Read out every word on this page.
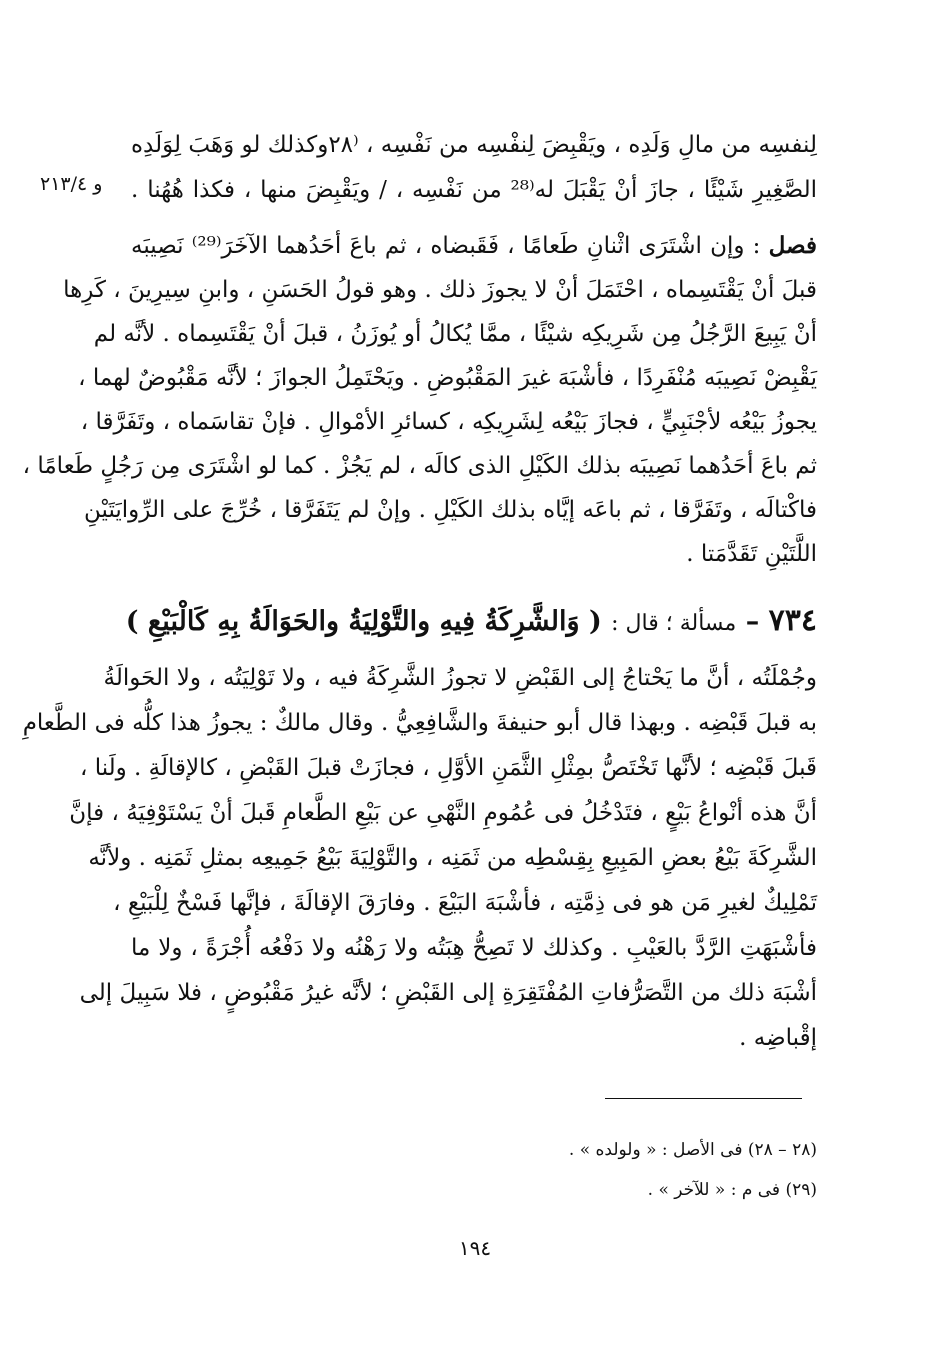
و ٢١٣/٤
لِنفسِه من مالِ وَلَدِه ، ويَقْبِضَ لِنفْسِه من نَفْسِه ، ⁽٢٨وكذلك لو وَهَبَ لِوَلَدِه
الصَّغِيرِ شَيْئًا ، جازَ أنْ يَقْبَلَ له⁽²⁸ من نَفْسِه ، / ويَقْبِضَ منها ، فكذا هُهُنا .
فصل : وإن اشْتَرَى اثْنانِ طَعامًا ، فَقَبضاه ، ثم باعَ أحَدُهما الآخَرَ⁽²⁹⁾ نَصِيبَه
قبلَ أنْ يَقْتَسِماه ، احْتَمَلَ أنْ لا يجوزَ ذلك . وهو قولُ الحَسَنِ ، وابنِ سِيرِينَ ، كَرِها
أنْ يَبِيعَ الرَّجُلُ مِن شَرِيكِه شيْئًا ، ممَّا يُكالُ أو يُوزَنُ ، قبلَ أنْ يَقْتَسِماه . لأنَّه لم
يَقْبِضْ نَصِيبَه مُنْفَرِدًا ، فأشْبَهَ غيرَ المَقْبُوضِ . ويَحْتَمِلُ الجوازَ ؛ لأنَّه مَقْبُوضٌ لهما ،
يجوزُ بَيْعُه لأجْنَبِيٍّ ، فجازَ بَيْعُه لِشَرِيكِه ، كسائرِ الأمْوالِ . فإنْ تقاسَماه ، وتَفَرَّقا ،
ثم باعَ أحَدُهما نَصِيبَه بذلك الكَيْلِ الذى كالَه ، لم يَجُزْ . كما لو اشْتَرَى مِن رَجُلٍ طَعامًا ،
فاكْتالَه ، وتَفَرَّقا ، ثم باعَه إيَّاه بذلك الكَيْلِ . وإنْ لم يَتَفَرَّقا ، خُرِّجَ على الرِّوايَتَيْنِ
اللَّتَيْنِ تَقَدَّمَتا .
٧٣٤ – مسألة ؛ قال : ( وَالشَّرِكَةُ فِيهِ والتَّوْلِيَةُ والحَوَالَةُ بِهِ كَالْبَيْعِ )
وجُمْلَتُه ، أنَّ ما يَحْتاجُ إلى القَبْضِ لا تجوزُ الشَّرِكَةُ فيه ، ولا تَوْلِيَتُه ، ولا الحَوالَةُ
به قبلَ قَبْضِه . وبهذا قال أبو حنيفةَ والشَّافِعِيُّ . وقال مالكٌ : يجوزُ هذا كلُّه فى الطَّعامِ
قَبلَ قَبْضِه ؛ لأنَّها تَخْتَصُّ بمِثْلِ الثَّمَنِ الأوَّلِ ، فجازَتْ قبلَ القَبْضِ ، كالإقالَةِ . ولَنا ،
أنَّ هذه أنْواعُ بَيْعٍ ، فتَدْخُلُ فى عُمُومِ النَّهْىِ عن بَيْعِ الطَّعامِ قَبلَ أنْ يَسْتَوْفِيَهُ ، فإنَّ
الشَّرِكَةَ بَيْعُ بعضِ المَبِيعِ بِقِسْطِه من ثَمَنِه ، والتَّوْلِيَةَ بَيْعُ جَمِيعِه بمثلِ ثَمَنِه . ولأنَّه
تَمْلِيكٌ لغيرِ مَن هو فى ذِمَّتِه ، فأشْبَهَ البَيْعَ . وفارَقَ الإقالَةَ ، فإنَّها فَسْخٌ لِلْبَيْعِ ،
فأشْبَهَتِ الرَّدَّ بالعَيْبِ . وكذلك لا تَصِحُّ هِبَتُه ولا رَهْنُه ولا دَفْعُه أُجْرَةً ، ولا ما
أشْبَهَ ذلك من التَّصَرُّفاتِ المُفْتَقِرَةِ إلى القَبْضِ ؛ لأنَّه غيرُ مَقْبُوضٍ ، فلا سَبِيلَ إلى
إقْباضِه .
(٢٨ – ٢٨) فى الأصل : « ولولده » .
(٢٩) فى م : « للآخر » .
١٩٤
